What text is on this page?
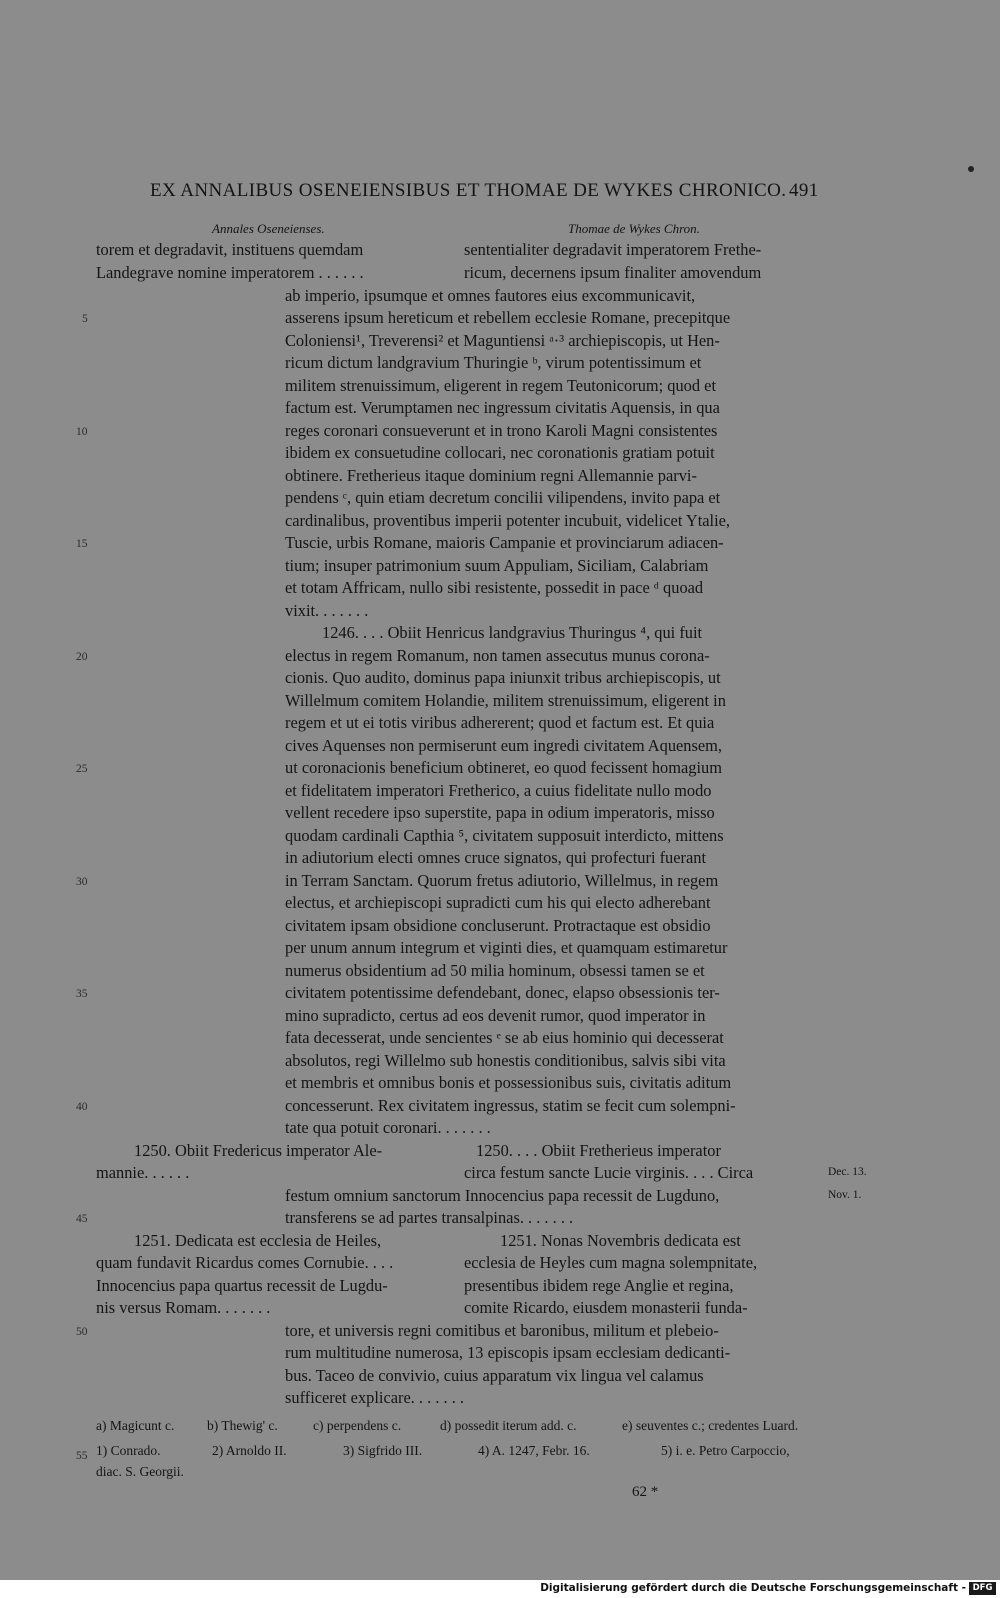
EX ANNALIBUS OSENEIENSIBUS ET THOMAE DE WYKES CHRONICO. 491
Annales Oseneienses.	Thomae de Wykes Chron.
torem et degradavit, instituens quemdam	sententialiter degradavit imperatorem Frethe-
Landegrave nomine imperatorem . . . . . .	ricum, decernens ipsum finaliter amovendum
ab imperio, ipsumque et omnes fautores eius excommunicavit,
asserens ipsum hereticum et rebellem ecclesie Romane, precepitque
Coloniensi¹, Treverensi² et Maguntiensi ᵃ·³ archiepiscopis, ut Hen-
ricum dictum landgravium Thuringie ᵇ, virum potentissimum et
militem strenuissimum, eligerent in regem Teutonicorum; quod et
factum est. Verumptamen nec ingressum civitatis Aquensis, in qua
reges coronari consueverunt et in trono Karoli Magni consistentes
ibidem ex consuetudine collocari, nec coronationis gratiam potuit
obtinere. Fretherieus itaque dominium regni Allemannie parvi-
pendens ᶜ, quin etiam decretum concilii vilipendens, invito papa et
cardinalibus, proventibus imperii potenter incubuit, videlicet Ytalie,
Tuscie, urbis Romane, maioris Campanie et provinciarum adiacen-
tium; insuper patrimonium suum Appuliam, Siciliam, Calabriam
et totam Affricam, nullo sibi resistente, possedit in pace ᵈ quoad
vixit. . . . . . .
1246. . . . Obiit Henricus landgravius Thuringus ⁴, qui fuit
electus in regem Romanum, non tamen assecutus munus corona-
cionis. Quo audito, dominus papa iniunxit tribus archiepiscopis, ut
Willelmum comitem Holandie, militem strenuissimum, eligerent in
regem et ut ei totis viribus adhererent; quod et factum est. Et quia
cives Aquenses non permiserunt eum ingredi civitatem Aquensem,
ut coronacionis beneficium obtineret, eo quod fecissent homagium
et fidelitatem imperatori Fretherico, a cuius fidelitate nullo modo
vellent recedere ipso superstite, papa in odium imperatoris, misso
quodam cardinali Capthia ⁵, civitatem supposuit interdicto, mittens
in adiutorium electi omnes cruce signatos, qui profecturi fuerant
in Terram Sanctam. Quorum fretus adiutorio, Willelmus, in regem
electus, et archiepiscopi supradicti cum his qui electo adherebant
civitatem ipsam obsidione concluserunt. Protractaque est obsidio
per unum annum integrum et viginti dies, et quamquam estimaretur
numerus obsidentium ad 50 milia hominum, obsessi tamen se et
civitatem potentissime defendebant, donec, elapso obsessionis ter-
mino supradicto, certus ad eos devenit rumor, quod imperator in
fata decesserat, unde sencientes ᵉ se ab eius hominio qui decesserat
absolutos, regi Willelmo sub honestis conditionibus, salvis sibi vita
et membris et omnibus bonis et possessionibus suis, civitatis aditum
concesserunt. Rex civitatem ingressus, statim se fecit cum solempni-
tate qua potuit coronari. . . . . . .
1250. Obiit Fredericus imperator Ale-	1250. . . . Obiit Fretherieus imperator
mannie. . . . . .	circa festum sancte Lucie virginis. . . . Circa
festum omnium sanctorum Innocencius papa recessit de Lugduno,
transferens se ad partes transalpinas. . . . . . .
1251. Dedicata est ecclesia de Heiles,	1251. Nonas Novembris dedicata est
quam fundavit Ricardus comes Cornubie. . . .	ecclesia de Heyles cum magna solempnitate,
Innocencius papa quartus recessit de Lugdu-	presentibus ibidem rege Anglie et regina,
nis versus Romam. . . . . . .	comite Ricardo, eiusdem monasterii funda-
tore, et universis regni comitibus et baronibus, militum et plebeio-
rum multitudine numerosa, 13 episcopis ipsam ecclesiam dedicanti-
bus. Taceo de convivio, cuius apparatum vix lingua vel calamus
sufficeret explicare. . . . . . .
5
10
15
20
25
30
35
40
45
50
55
Dec. 13.
Nov. 1.
a) Magicunt c. b) Thewig' c.	c) perpendens c.	d) possedit iterum add. c.	e) seuventes c.; credentes Luard.
1) Conrado.	2) Arnoldo II.	3) Sigfrido III.	4) A. 1247, Febr. 16.	5) i. e. Petro Carpoccio,
diac. S. Georgii.
62 *
Digitalisierung gefördert durch die Deutsche Forschungsgemeinschaft - DFG
